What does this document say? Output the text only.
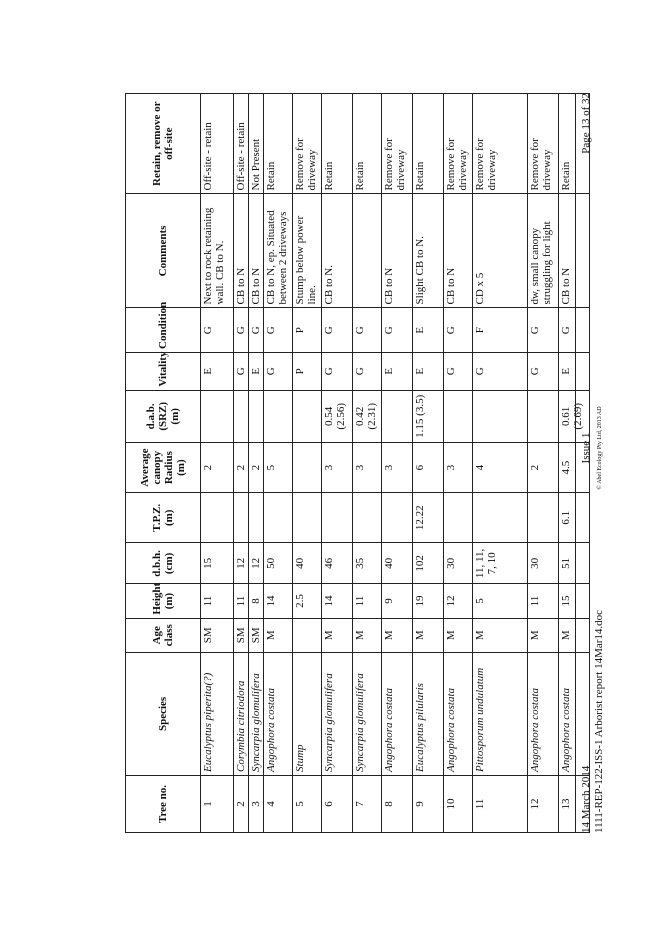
Tree no.	Species	Age class	Height (m)	d.b.h. (cm)	T.P.Z. (m)	Average canopy Radius (m)	d.a.b. (SRZ) (m)	Vitality	Condition	Comments	Retain, remove or off-site
1	Eucalyptus piperita(?)	SM	11	15		2		E	G	Next to rock retaining wall. CB to N.	Off-site - retain
2	Corymbia citriodora	SM	11	12		2		G	G	CB to N	Off-site - retain
3	Syncarpia glomulifera	SM	8	12		2		E	G	CB to N	Not Present
4	Angophora costata	M	14	50		5		G	G	CB to N, ep. Situated between 2 driveways	Retain
5	Stump		2.5	40				P	P	Stump below power line.	Remove for driveway
6	Syncarpia glomulifera	M	14	46		3	0.54 (2.56)	G	G	CB to N.	Retain
7	Syncarpia glomulifera	M	11	35		3	0.42 (2.31)	G	G		Retain
8	Angophora costata	M	9	40		3		E	G	CB to N	Remove for driveway
9	Eucalyptus pilularis	M	19	102	12.22	6	1.15 (3.5)	E	E	Slight CB to N.	Retain
10	Angophora costata	M	12	30		3		G	G	CB to N	Remove for driveway
11	Pittosporum undulatum	M	5	11, 11, 7, 10		4		G	F	CD x 5	Remove for driveway
12	Angophora costata	M	11	30		2		G	G	dw, small canopy struggling for light	Remove for driveway
13	Angophora costata	M	15	51	6.1	4.5	0.61 (2.69)	E	G	CB to N	Retain
14 March 2014 1111-REP-122-ISS-1 Arborist report 14Mar14.doc
Issue 1 © Abel Ecology Pty Ltd, 2013 AD
Page 13 of 32
